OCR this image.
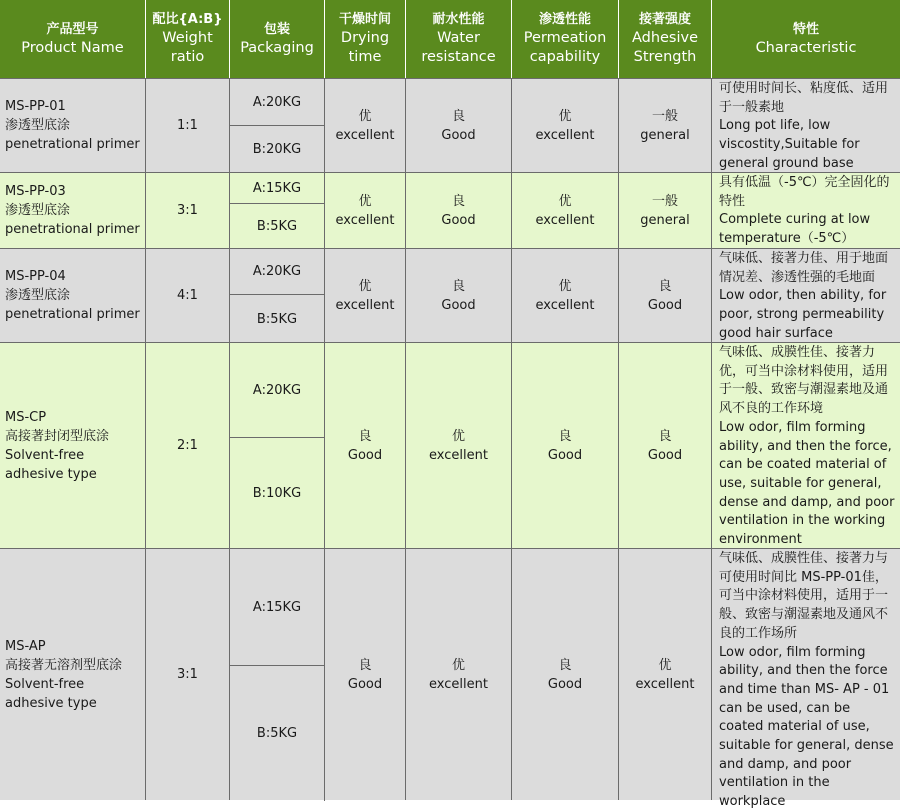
产品型号
Product Name
配比{A:B}
Weight ratio
包装
Packaging
干燥时间
Drying time
耐水性能
Water resistance
渗透性能
Permeation capability
接著强度
Adhesive Strength
特性
Characteristic
MS-PP-01
渗透型底涂
penetrational primer
1:1
A:20KG
B:20KG
优
excellent
良
Good
优
excellent
一般
general
可使用时间长、粘度低、适用于一般素地
Long pot life, low viscostity,Suitable for general ground base
MS-PP-03
渗透型底涂
penetrational primer
3:1
A:15KG
B:5KG
优
excellent
良
Good
优
excellent
一般
general
具有低温（-5℃）完全固化的特性
Complete curing at low temperature（-5℃）
MS-PP-04
渗透型底涂
penetrational primer
4:1
A:20KG
B:5KG
优
excellent
良
Good
优
excellent
良
Good
气味低、接著力佳、用于地面情况差、渗透性强的毛地面
Low odor, then ability, for poor, strong permeability good hair surface
MS-CP
高接著封闭型底涂
Solvent-free
adhesive type
2:1
A:20KG
B:10KG
良
Good
优
excellent
良
Good
良
Good
气味低、成膜性佳、接著力优，可当中涂材料使用，适用于一般、致密与潮湿素地及通风不良的工作环境
Low odor, film forming ability, and then the force, can be coated material of use, suitable for general, dense and damp, and poor ventilation in the working environment
MS-AP
高接著无溶剂型底涂
Solvent-free
adhesive type
3:1
A:15KG
B:5KG
良
Good
优
excellent
良
Good
优
excellent
气味低、成膜性佳、接著力与可使用时间比 MS-PP-01佳，可当中涂材料使用，适用于一般、致密与潮湿素地及通风不良的工作场所
Low odor, film forming ability, and then the force and time than MS- AP - 01 can be used, can be coated material of use, suitable for general, dense and damp, and poor ventilation in the workplace
